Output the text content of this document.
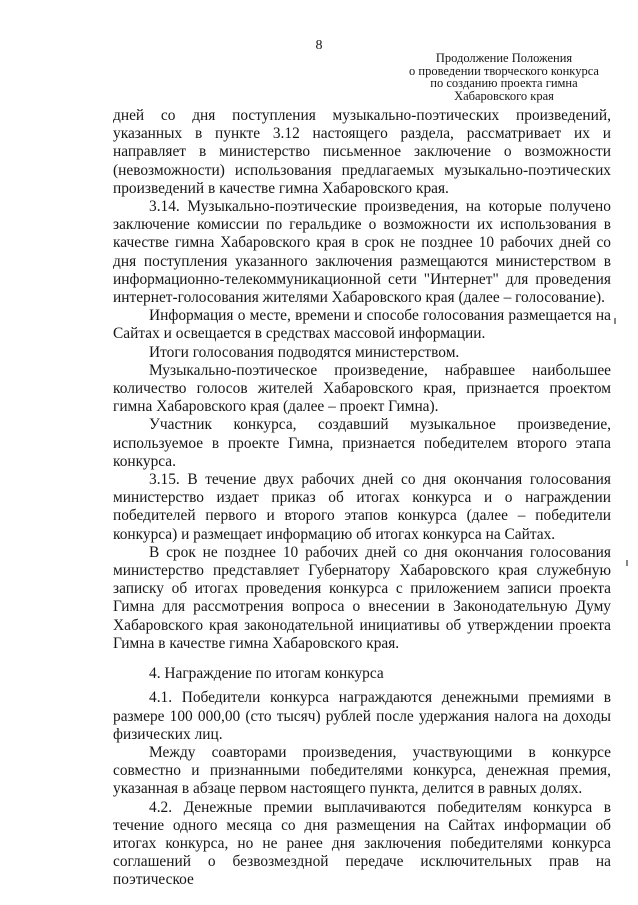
8
Продолжение Положения
о проведении творческого конкурса
по созданию проекта гимна
Хабаровского края

дней со дня поступления музыкально-поэтических произведений, указанных в пункте 3.12 настоящего раздела, рассматривает их и направляет в министерство письменное заключение о возможности (невозможности) использования предлагаемых музыкально-поэтических произведений в качестве гимна Хабаровского края.

3.14. Музыкально-поэтические произведения, на которые получено заключение комиссии по геральдике о возможности их использования в качестве гимна Хабаровского края в срок не позднее 10 рабочих дней со дня поступления указанного заключения размещаются министерством в информационно-телекоммуникационной сети "Интернет" для проведения интернет-голосования жителями Хабаровского края (далее – голосование).

Информация о месте, времени и способе голосования размещается на Сайтах и освещается в средствах массовой информации.

Итоги голосования подводятся министерством.

Музыкально-поэтическое произведение, набравшее наибольшее количество голосов жителей Хабаровского края, признается проектом гимна Хабаровского края (далее – проект Гимна).

Участник конкурса, создавший музыкальное произведение, используемое в проекте Гимна, признается победителем второго этапа конкурса.

3.15. В течение двух рабочих дней со дня окончания голосования министерство издает приказ об итогах конкурса и о награждении победителей первого и второго этапов конкурса (далее – победители конкурса) и размещает информацию об итогах конкурса на Сайтах.

В срок не позднее 10 рабочих дней со дня окончания голосования министерство представляет Губернатору Хабаровского края служебную записку об итогах проведения конкурса с приложением записи проекта Гимна для рассмотрения вопроса о внесении в Законодательную Думу Хабаровского края законодательной инициативы об утверждении проекта Гимна в качестве гимна Хабаровского края.

4. Награждение по итогам конкурса

4.1. Победители конкурса награждаются денежными премиями в размере 100 000,00 (сто тысяч) рублей после удержания налога на доходы физических лиц.

Между соавторами произведения, участвующими в конкурсе совместно и признанными победителями конкурса, денежная премия, указанная в абзаце первом настоящего пункта, делится в равных долях.

4.2. Денежные премии выплачиваются победителям конкурса в течение одного месяца со дня размещения на Сайтах информации об итогах конкурса, но не ранее дня заключения победителями конкурса соглашений о безвозмездной передаче исключительных прав на поэтическое
